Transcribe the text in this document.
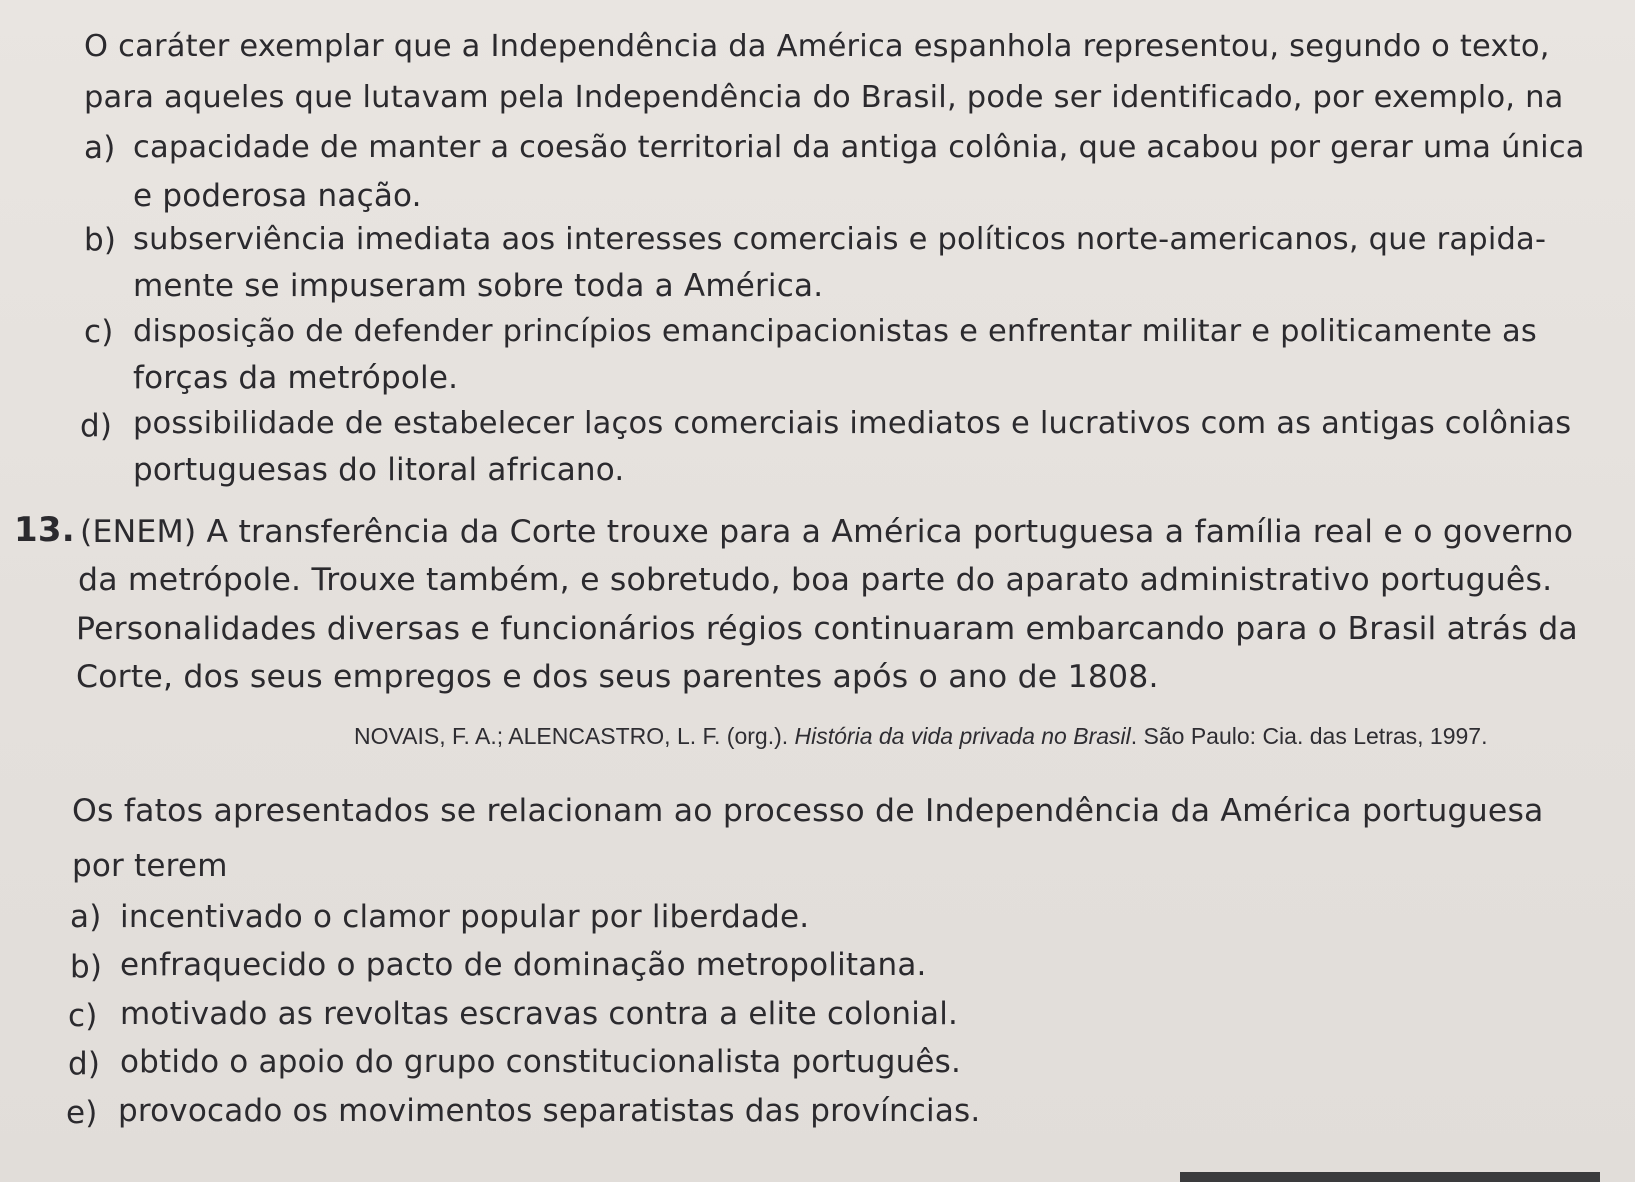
O caráter exemplar que a Independência da América espanhola representou, segundo o texto,
para aqueles que lutavam pela Independência do Brasil, pode ser identificado, por exemplo, na
a) capacidade de manter a coesão territorial da antiga colônia, que acabou por gerar uma única
e poderosa nação.
b) subserviência imediata aos interesses comerciais e políticos norte-americanos, que rapida-
mente se impuseram sobre toda a América.
c) disposição de defender princípios emancipacionistas e enfrentar militar e politicamente as
forças da metrópole.
d) possibilidade de estabelecer laços comerciais imediatos e lucrativos com as antigas colônias
portuguesas do litoral africano.
13. (ENEM) A transferência da Corte trouxe para a América portuguesa a família real e o governo
da metrópole. Trouxe também, e sobretudo, boa parte do aparato administrativo português.
Personalidades diversas e funcionários régios continuaram embarcando para o Brasil atrás da
Corte, dos seus empregos e dos seus parentes após o ano de 1808.
NOVAIS, F. A.; ALENCASTRO, L. F. (org.). História da vida privada no Brasil. São Paulo: Cia. das Letras, 1997.
Os fatos apresentados se relacionam ao processo de Independência da América portuguesa
por terem
a) incentivado o clamor popular por liberdade.
b) enfraquecido o pacto de dominação metropolitana.
c) motivado as revoltas escravas contra a elite colonial.
d) obtido o apoio do grupo constitucionalista português.
e) provocado os movimentos separatistas das províncias.
